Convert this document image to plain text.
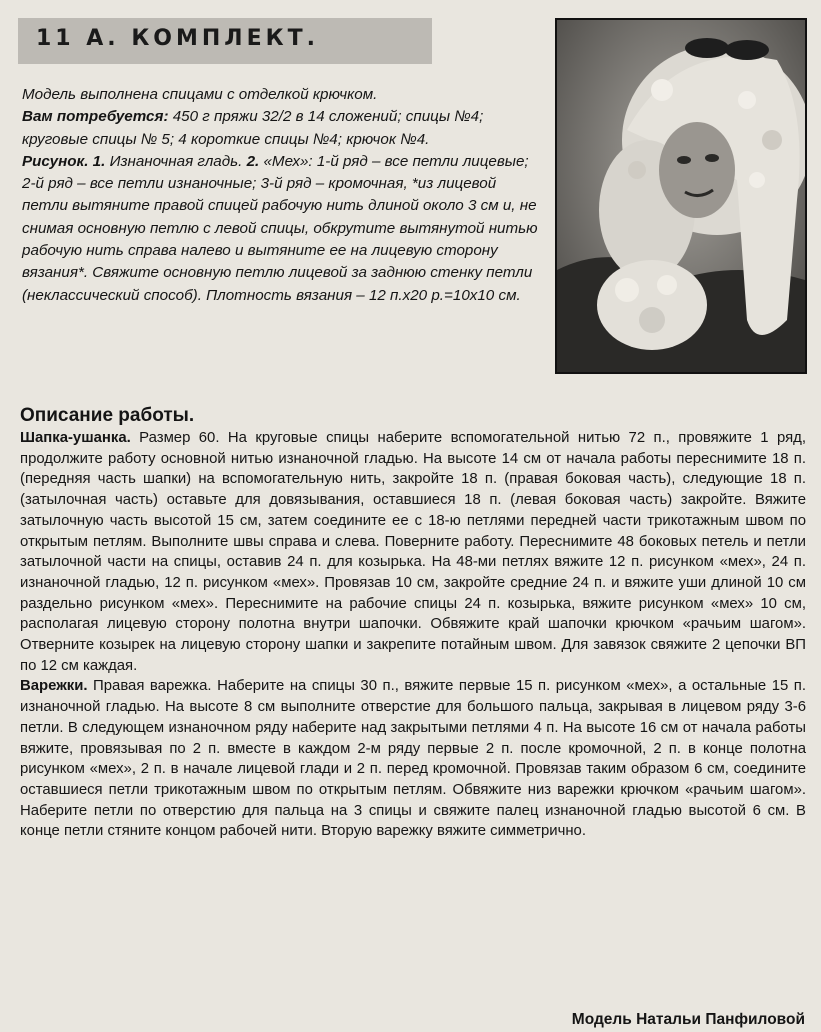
11 А. КОМПЛЕКТ.

Модель выполнена спицами с отделкой крючком.

Вам потребуется: 450 г пряжи 32/2 в 14 сложений; спицы №4; круговые спицы № 5; 4 короткие спицы №4; крючок №4.

Рисунок. 1. Изнаночная гладь. 2. «Мех»: 1-й ряд – все петли лицевые; 2-й ряд – все петли изнаночные; 3-й ряд – кромочная, *из лицевой петли вытяните правой спицей рабочую нить длиной около 3 см и, не снимая основную петлю с левой спицы, обкрутите вытянутой нитью рабочую нить справа налево и вытяните ее на лицевую сторону вязания*. Свяжите основную петлю лицевой за заднюю стенку петли (неклассический способ). Плотность вязания – 12 п.х20 р.=10х10 см.

Описание работы.

Шапка-ушанка. Размер 60. На круговые спицы наберите вспомогательной нитью 72 п., провяжите 1 ряд, продолжите работу основной нитью изнаночной гладью. На высоте 14 см от начала работы переснимите 18 п. (передняя часть шапки) на вспомогательную нить, закройте 18 п. (правая боковая часть), следующие 18 п. (затылочная часть) оставьте для довязывания, оставшиеся 18 п. (левая боковая часть) закройте. Вяжите затылочную часть высотой 15 см, затем соедините ее с 18-ю петлями передней части трикотажным швом по открытым петлям. Выполните швы справа и слева. Поверните работу. Переснимите 48 боковых петель и петли затылочной части на спицы, оставив 24 п. для козырька. На 48-ми петлях вяжите 12 п. рисунком «мех», 24 п. изнаночной гладью, 12 п. рисунком «мех». Провязав 10 см, закройте средние 24 п. и вяжите уши длиной 10 см раздельно рисунком «мех». Переснимите на рабочие спицы 24 п. козырька, вяжите рисунком «мех» 10 см, располагая лицевую сторону полотна внутри шапочки. Обвяжите край шапочки крючком «рачьим шагом». Отверните козырек на лицевую сторону шапки и закрепите потайным швом. Для завязок свяжите 2 цепочки ВП по 12 см каждая.

Варежки. Правая варежка. Наберите на спицы 30 п., вяжите первые 15 п. рисунком «мех», а остальные 15 п. изнаночной гладью. На высоте 8 см выполните отверстие для большого пальца, закрывая в лицевом ряду 3-6 петли. В следующем изнаночном ряду наберите над закрытыми петлями 4 п. На высоте 16 см от начала работы вяжите, провязывая по 2 п. вместе в каждом 2-м ряду первые 2 п. после кромочной, 2 п. в конце полотна рисунком «мех», 2 п. в начале лицевой глади и 2 п. перед кромочной. Провязав таким образом 6 см, соедините оставшиеся петли трикотажным швом по открытым петлям. Обвяжите низ варежки крючком «рачьим шагом». Наберите петли по отверстию для пальца на 3 спицы и свяжите палец изнаночной гладью высотой 6 см. В конце петли стяните концом рабочей нити. Вторую варежку вяжите симметрично.

Модель Натальи Панфиловой
